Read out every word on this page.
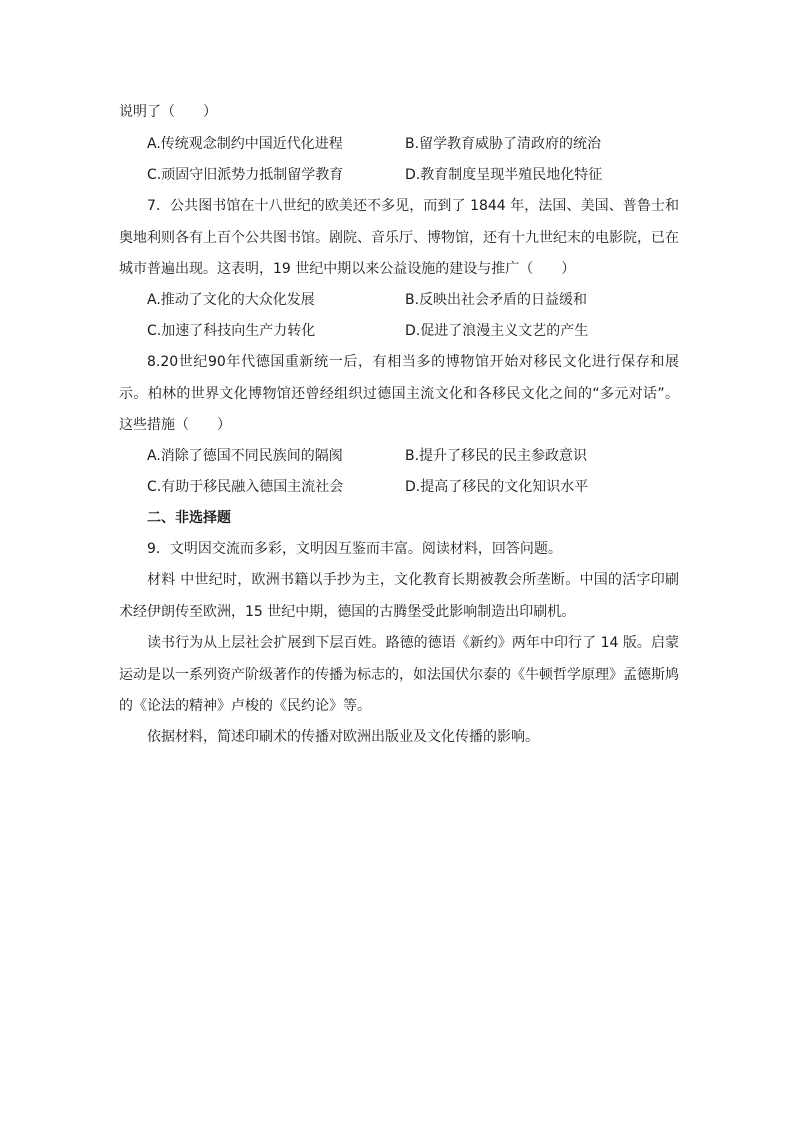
说明了（　　）
A.传统观念制约中国近代化进程	B.留学教育威胁了清政府的统治
C.顽固守旧派势力抵制留学教育	D.教育制度呈现半殖民地化特征
7．公共图书馆在十八世纪的欧美还不多见，而到了 1844 年，法国、美国、普鲁士和奥地利则各有上百个公共图书馆。剧院、音乐厅、博物馆，还有十九世纪末的电影院，已在城市普遍出现。这表明，19 世纪中期以来公益设施的建设与推广（　　）
A.推动了文化的大众化发展	B.反映出社会矛盾的日益缓和
C.加速了科技向生产力转化	D.促进了浪漫主义文艺的产生
8.20世纪90年代德国重新统一后，有相当多的博物馆开始对移民文化进行保存和展示。柏林的世界文化博物馆还曾经组织过德国主流文化和各移民文化之间的“多元对话”。这些措施（　　）
A.消除了德国不同民族间的隔阂	B.提升了移民的民主参政意识
C.有助于移民融入德国主流社会	D.提高了移民的文化知识水平
二、非选择题
9．文明因交流而多彩，文明因互鉴而丰富。阅读材料，回答问题。
材料 中世纪时，欧洲书籍以手抄为主，文化教育长期被教会所垄断。中国的活字印刷术经伊朗传至欧洲，15 世纪中期，德国的古腾堡受此影响制造出印刷机。
读书行为从上层社会扩展到下层百姓。路德的德语《新约》两年中印行了 14 版。启蒙运动是以一系列资产阶级著作的传播为标志的，如法国伏尔泰的《牛顿哲学原理》孟德斯鸠的《论法的精神》卢梭的《民约论》等。
依据材料，简述印刷术的传播对欧洲出版业及文化传播的影响。
